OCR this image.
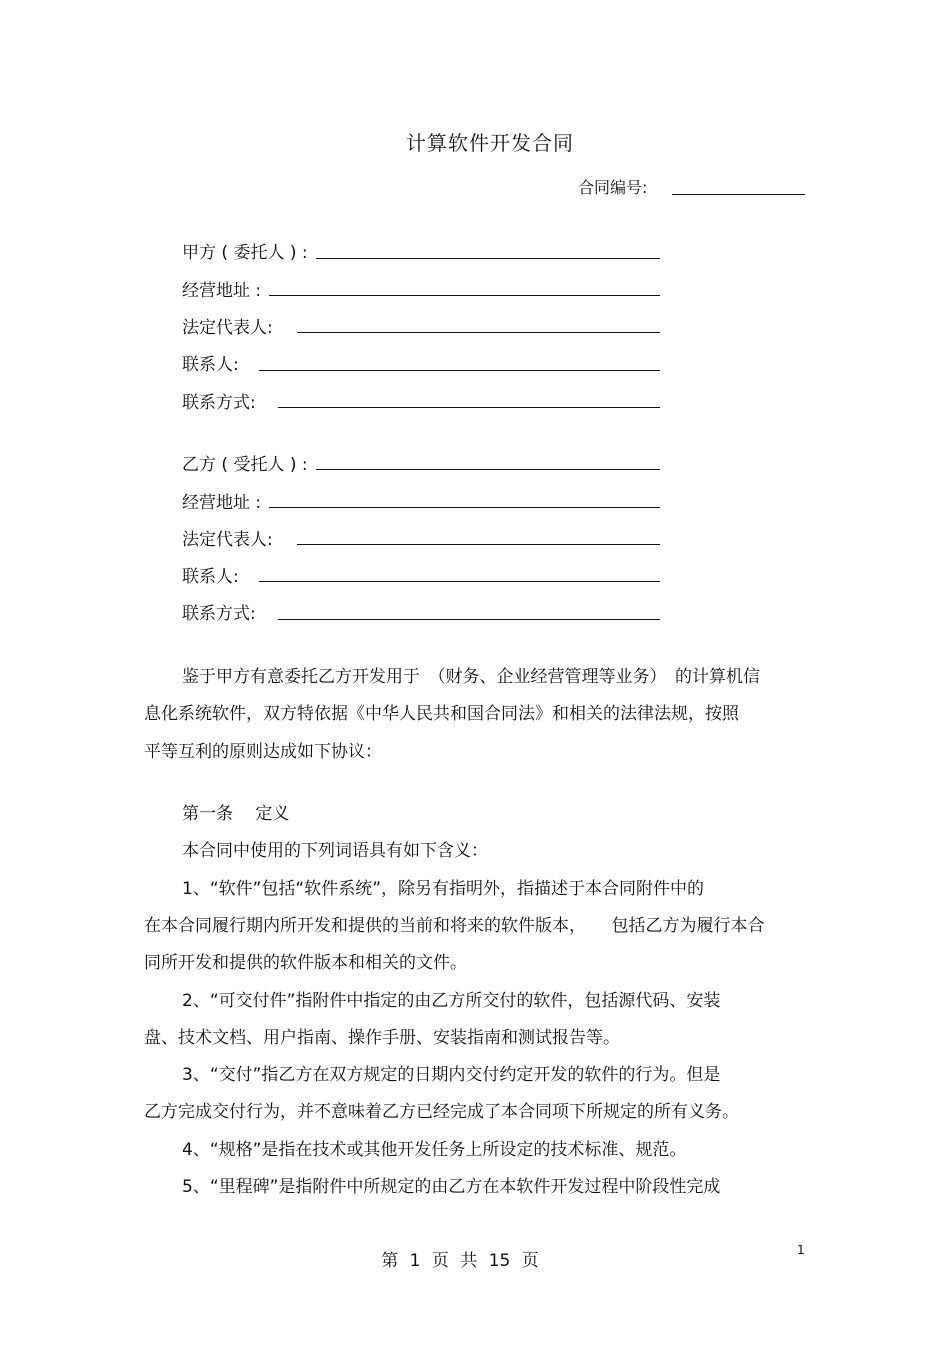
计算软件开发合同
合同编号:
甲方 ( 委托人 ) :
经营地址 :
法定代表人:
联系人:
联系方式:
乙方 ( 受托人 ) :
经营地址 :
法定代表人:
联系人:
联系方式:
鉴于甲方有意委托乙方开发用于　（财务、企业经营管理等业务）　的计算机信
息化系统软件，双方特依据《中华人民共和国合同法》和相关的法律法规，按照
平等互利的原则达成如下协议：
第一条　 定义
本合同中使用的下列词语具有如下含义：
1、“软件”包括“软件系统”，除另有指明外，指描述于本合同附件中的
在本合同履行期内所开发和提供的当前和将来的软件版本，　　包括乙方为履行本合
同所开发和提供的软件版本和相关的文件。
2、“可交付件”指附件中指定的由乙方所交付的软件，包括源代码、安装
盘、技术文档、用户指南、操作手册、安装指南和测试报告等。
3、“交付”指乙方在双方规定的日期内交付约定开发的软件的行为。但是
乙方完成交付行为，并不意味着乙方已经完成了本合同项下所规定的所有义务。
4、“规格”是指在技术或其他开发任务上所设定的技术标准、规范。
5、“里程碑”是指附件中所规定的由乙方在本软件开发过程中阶段性完成
第 1 页 共 15 页
1
